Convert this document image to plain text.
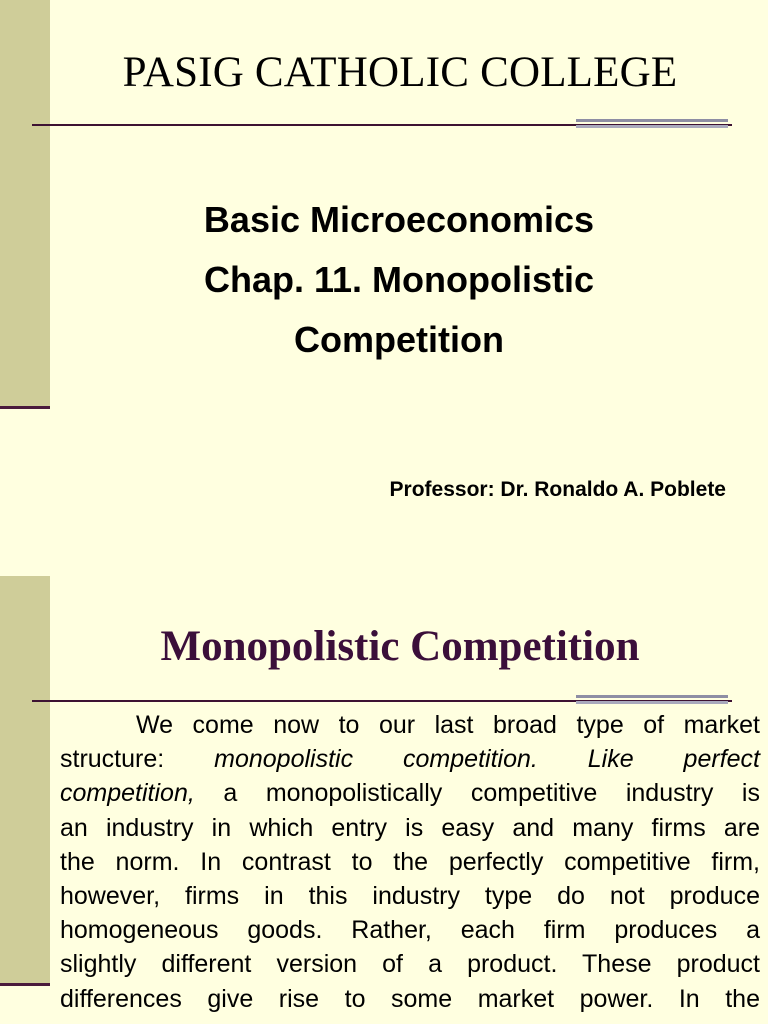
PASIG CATHOLIC COLLEGE
Basic Microeconomics
Chap. 11. Monopolistic
Competition
Professor: Dr. Ronaldo A. Poblete
Monopolistic Competition
We come now to our last broad type of market
structure: monopolistic competition. Like perfect
competition, a monopolistically competitive industry is
an industry in which entry is easy and many firms are
the norm. In contrast to the perfectly competitive firm,
however, firms in this industry type do not produce
homogeneous goods. Rather, each firm produces a
slightly different version of a product. These product
differences give rise to some market power. In the
